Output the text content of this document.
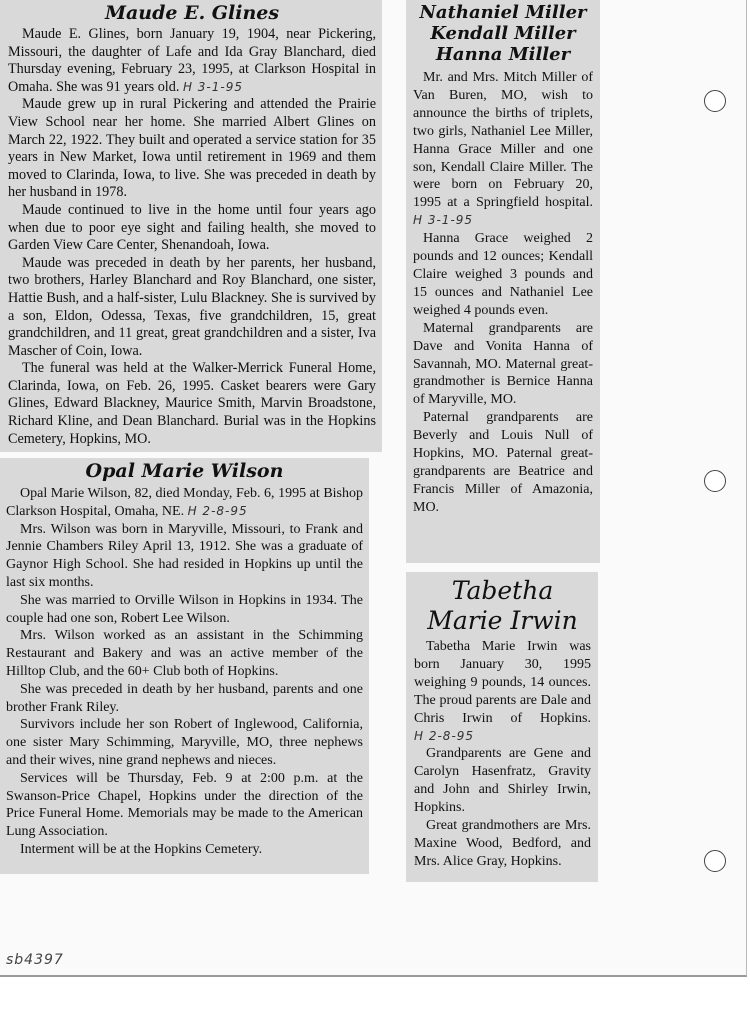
Maude E. Glines

Maude E. Glines, born January 19, 1904, near Pickering, Missouri, the daughter of Lafe and Ida Gray Blanchard, died Thursday evening, February 23, 1995, at Clarkson Hospital in Omaha. She was 91 years old. H 3-1-95

Maude grew up in rural Pickering and attended the Prairie View School near her home. She married Albert Glines on March 22, 1922. They built and operated a service station for 35 years in New Market, Iowa until retirement in 1969 and them moved to Clarinda, Iowa, to live. She was preceded in death by her husband in 1978.

Maude continued to live in the home until four years ago when due to poor eye sight and failing health, she moved to Garden View Care Center, Shenandoah, Iowa.

Maude was preceded in death by her parents, her husband, two brothers, Harley Blanchard and Roy Blanchard, one sister, Hattie Bush, and a half-sister, Lulu Blackney. She is survived by a son, Eldon, Odessa, Texas, five grandchildren, 15, great grandchildren, and 11 great, great grandchildren and a sister, Iva Mascher of Coin, Iowa.

The funeral was held at the Walker-Merrick Funeral Home, Clarinda, Iowa, on Feb. 26, 1995. Casket bearers were Gary Glines, Edward Blackney, Maurice Smith, Marvin Broadstone, Richard Kline, and Dean Blanchard. Burial was in the Hopkins Cemetery, Hopkins, MO.

Opal Marie Wilson

Opal Marie Wilson, 82, died Monday, Feb. 6, 1995 at Bishop Clarkson Hospital, Omaha, NE. H 2-8-95

Mrs. Wilson was born in Maryville, Missouri, to Frank and Jennie Chambers Riley April 13, 1912. She was a graduate of Gaynor High School. She had resided in Hopkins up until the last six months.

She was married to Orville Wilson in Hopkins in 1934. The couple had one son, Robert Lee Wilson.

Mrs. Wilson worked as an assistant in the Schimming Restaurant and Bakery and was an active member of the Hilltop Club, and the 60+ Club both of Hopkins.

She was preceded in death by her husband, parents and one brother Frank Riley.

Survivors include her son Robert of Inglewood, California, one sister Mary Schimming, Maryville, MO, three nephews and their wives, nine grand nephews and nieces.

Services will be Thursday, Feb. 9 at 2:00 p.m. at the Swanson-Price Chapel, Hopkins under the direction of the Price Funeral Home. Memorials may be made to the American Lung Association.

Interment will be at the Hopkins Cemetery.

Nathaniel Miller
Kendall Miller
Hanna Miller

Mr. and Mrs. Mitch Miller of Van Buren, MO, wish to announce the births of triplets, two girls, Nathaniel Lee Miller, Hanna Grace Miller and one son, Kendall Claire Miller. The were born on February 20, 1995 at a Springfield hospital. H 3-1-95

Hanna Grace weighed 2 pounds and 12 ounces; Kendall Claire weighed 3 pounds and 15 ounces and Nathaniel Lee weighed 4 pounds even.

Maternal grandparents are Dave and Vonita Hanna of Savannah, MO. Maternal great-grandmother is Bernice Hanna of Maryville, MO.

Paternal grandparents are Beverly and Louis Null of Hopkins, MO. Paternal great-grandparents are Beatrice and Francis Miller of Amazonia, MO.

Tabetha
Marie Irwin

Tabetha Marie Irwin was born January 30, 1995 weighing 9 pounds, 14 ounces. The proud parents are Dale and Chris Irwin of Hopkins. H 2-8-95

Grandparents are Gene and Carolyn Hasenfratz, Gravity and John and Shirley Irwin, Hopkins.

Great grandmothers are Mrs. Maxine Wood, Bedford, and Mrs. Alice Gray, Hopkins.

sb4397
